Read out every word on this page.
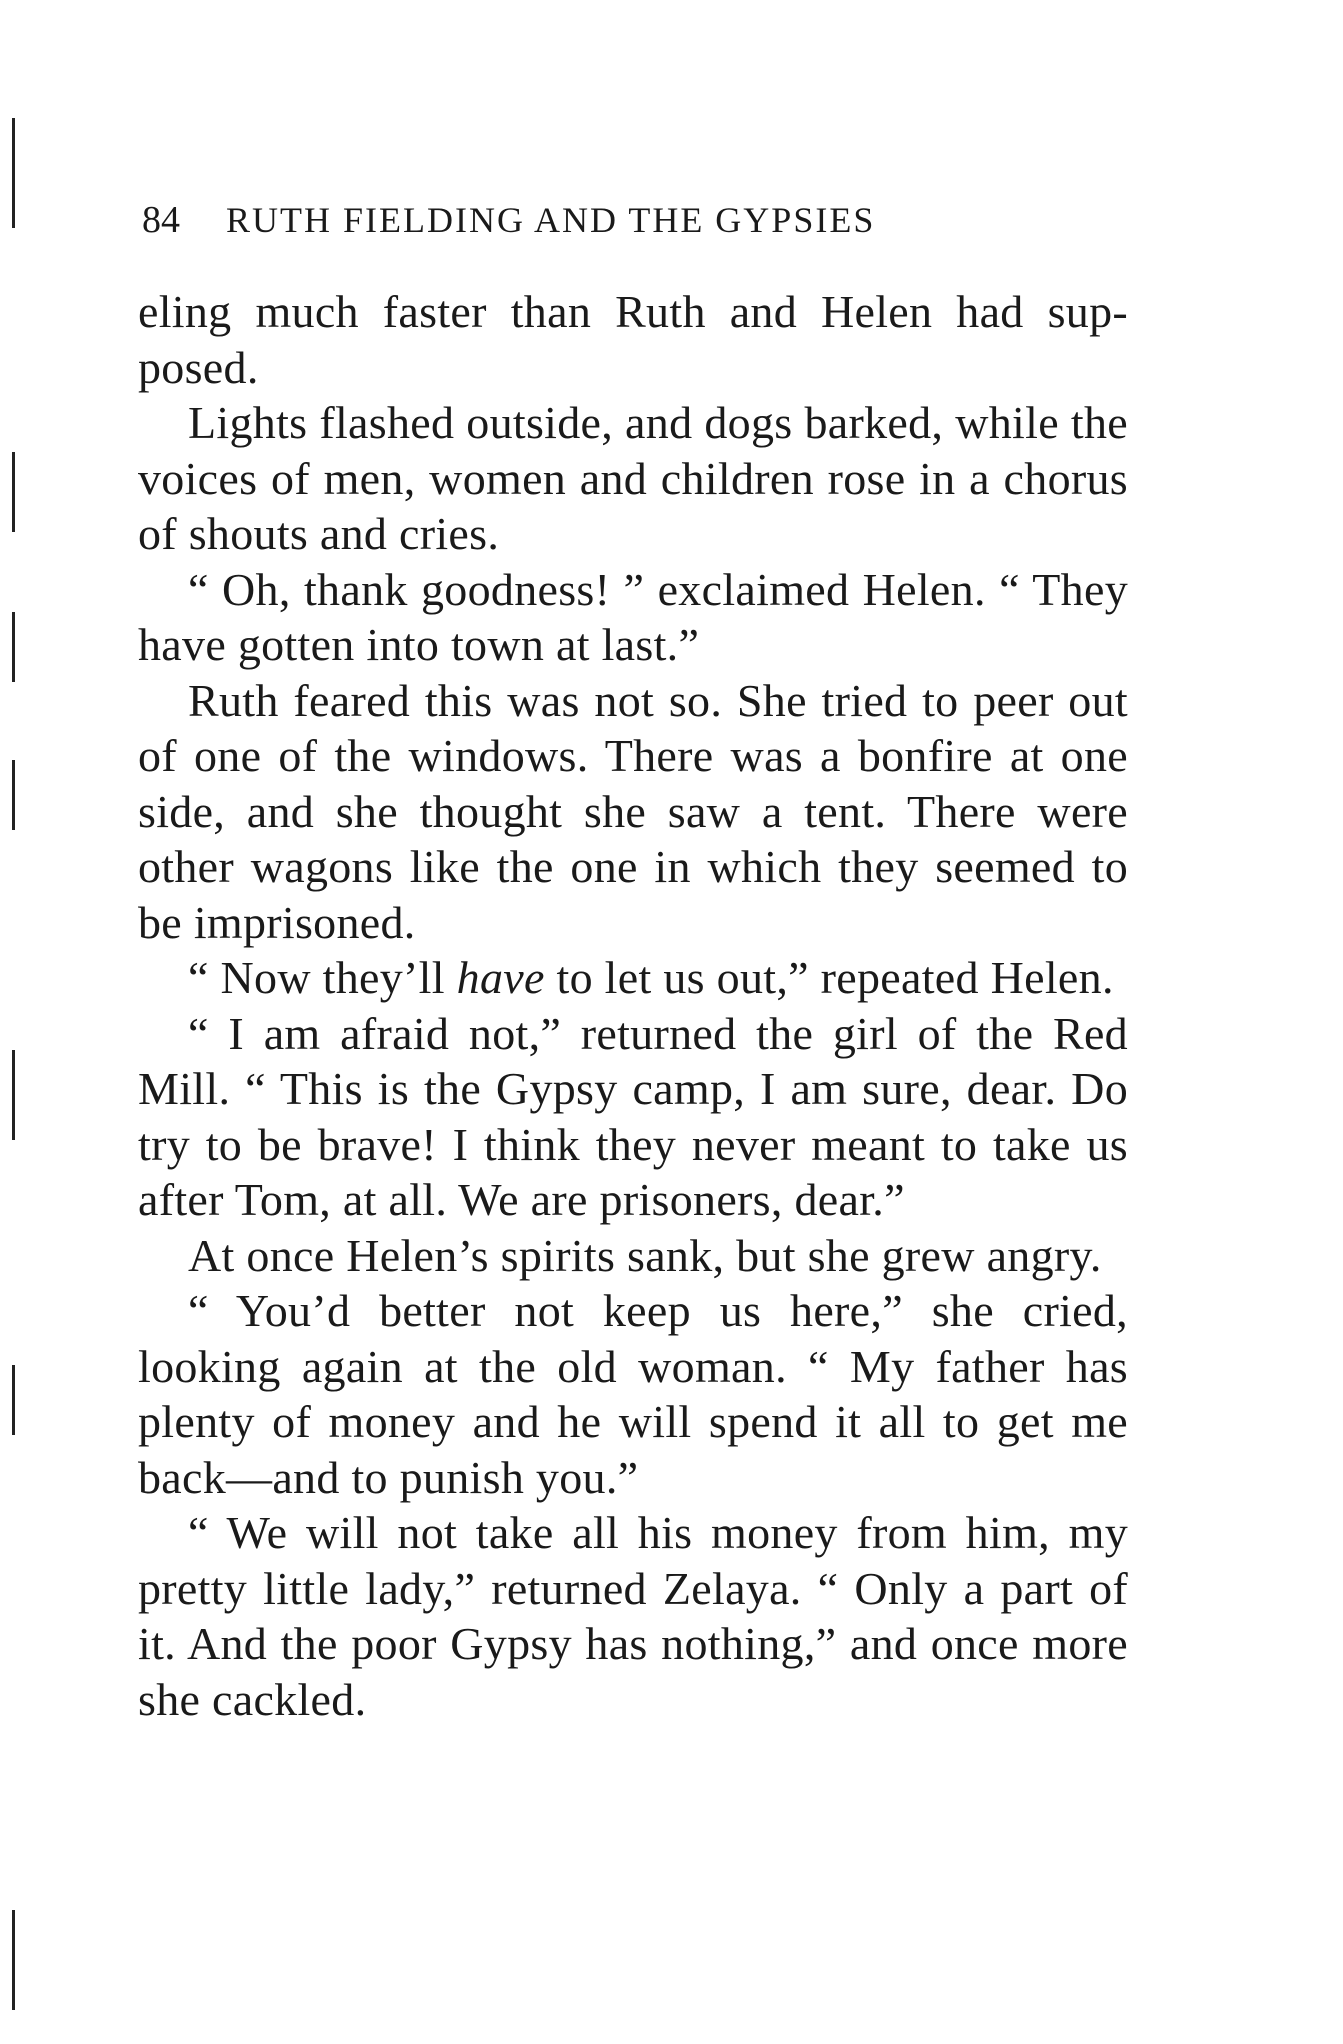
84 RUTH FIELDING AND THE GYPSIES

eling much faster than Ruth and Helen had sup-posed.

Lights flashed outside, and dogs barked, while the voices of men, women and children rose in a chorus of shouts and cries.

“ Oh, thank goodness! ” exclaimed Helen. “ They have gotten into town at last.”

Ruth feared this was not so. She tried to peer out of one of the windows. There was a bonfire at one side, and she thought she saw a tent. There were other wagons like the one in which they seemed to be imprisoned.

“ Now they’ll have to let us out,” repeated Helen.

“ I am afraid not,” returned the girl of the Red Mill. “ This is the Gypsy camp, I am sure, dear. Do try to be brave! I think they never meant to take us after Tom, at all. We are prisoners, dear.”

At once Helen’s spirits sank, but she grew angry.

“ You’d better not keep us here,” she cried, looking again at the old woman. “ My father has plenty of money and he will spend it all to get me back—and to punish you.”

“ We will not take all his money from him, my pretty little lady,” returned Zelaya. “ Only a part of it. And the poor Gypsy has nothing,” and once more she cackled.
